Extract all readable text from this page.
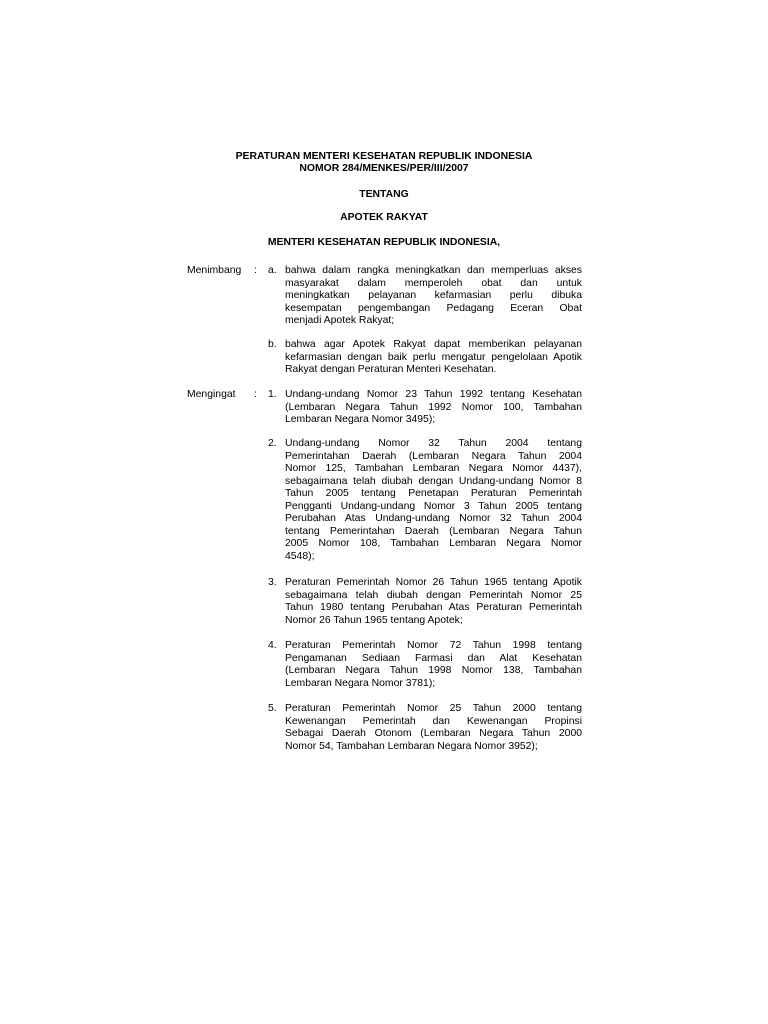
PERATURAN MENTERI KESEHATAN REPUBLIK INDONESIA
NOMOR 284/MENKES/PER/III/2007
TENTANG
APOTEK RAKYAT
MENTERI KESEHATAN REPUBLIK INDONESIA,
Menimbang : a. bahwa dalam rangka meningkatkan dan memperluas akses
masyarakat dalam memperoleh obat dan untuk
meningkatkan pelayanan kefarmasian perlu dibuka
kesempatan pengembangan Pedagang Eceran Obat
menjadi Apotek Rakyat;
b. bahwa agar Apotek Rakyat dapat memberikan pelayanan
kefarmasian dengan baik perlu mengatur pengelolaan Apotik
Rakyat dengan Peraturan Menteri Kesehatan.
Mengingat : 1. Undang-undang Nomor 23 Tahun 1992 tentang Kesehatan
(Lembaran Negara Tahun 1992 Nomor 100, Tambahan
Lembaran Negara Nomor 3495);
2. Undang-undang Nomor 32 Tahun 2004 tentang
Pemerintahan Daerah (Lembaran Negara Tahun 2004
Nomor 125, Tambahan Lembaran Negara Nomor 4437),
sebagaimana telah diubah dengan Undang-undang Nomor 8
Tahun 2005 tentang Penetapan Peraturan Pemerintah
Pengganti Undang-undang Nomor 3 Tahun 2005 tentang
Perubahan Atas Undang-undang Nomor 32 Tahun 2004
tentang Pemerintahan Daerah (Lembaran Negara Tahun
2005 Nomor 108, Tambahan Lembaran Negara Nomor
4548);
3. Peraturan Pemerintah Nomor 26 Tahun 1965 tentang Apotik
sebagaimana telah diubah dengan Pemerintah Nomor 25
Tahun 1980 tentang Perubahan Atas Peraturan Pemerintah
Nomor 26 Tahun 1965 tentang Apotek;
4. Peraturan Pemerintah Nomor 72 Tahun 1998 tentang
Pengamanan Sediaan Farmasi dan Alat Kesehatan
(Lembaran Negara Tahun 1998 Nomor 138, Tambahan
Lembaran Negara Nomor 3781);
5. Peraturan Pemerintah Nomor 25 Tahun 2000 tentang
Kewenangan Pemerintah dan Kewenangan Propinsi
Sebagai Daerah Otonom (Lembaran Negara Tahun 2000
Nomor 54, Tambahan Lembaran Negara Nomor 3952);
